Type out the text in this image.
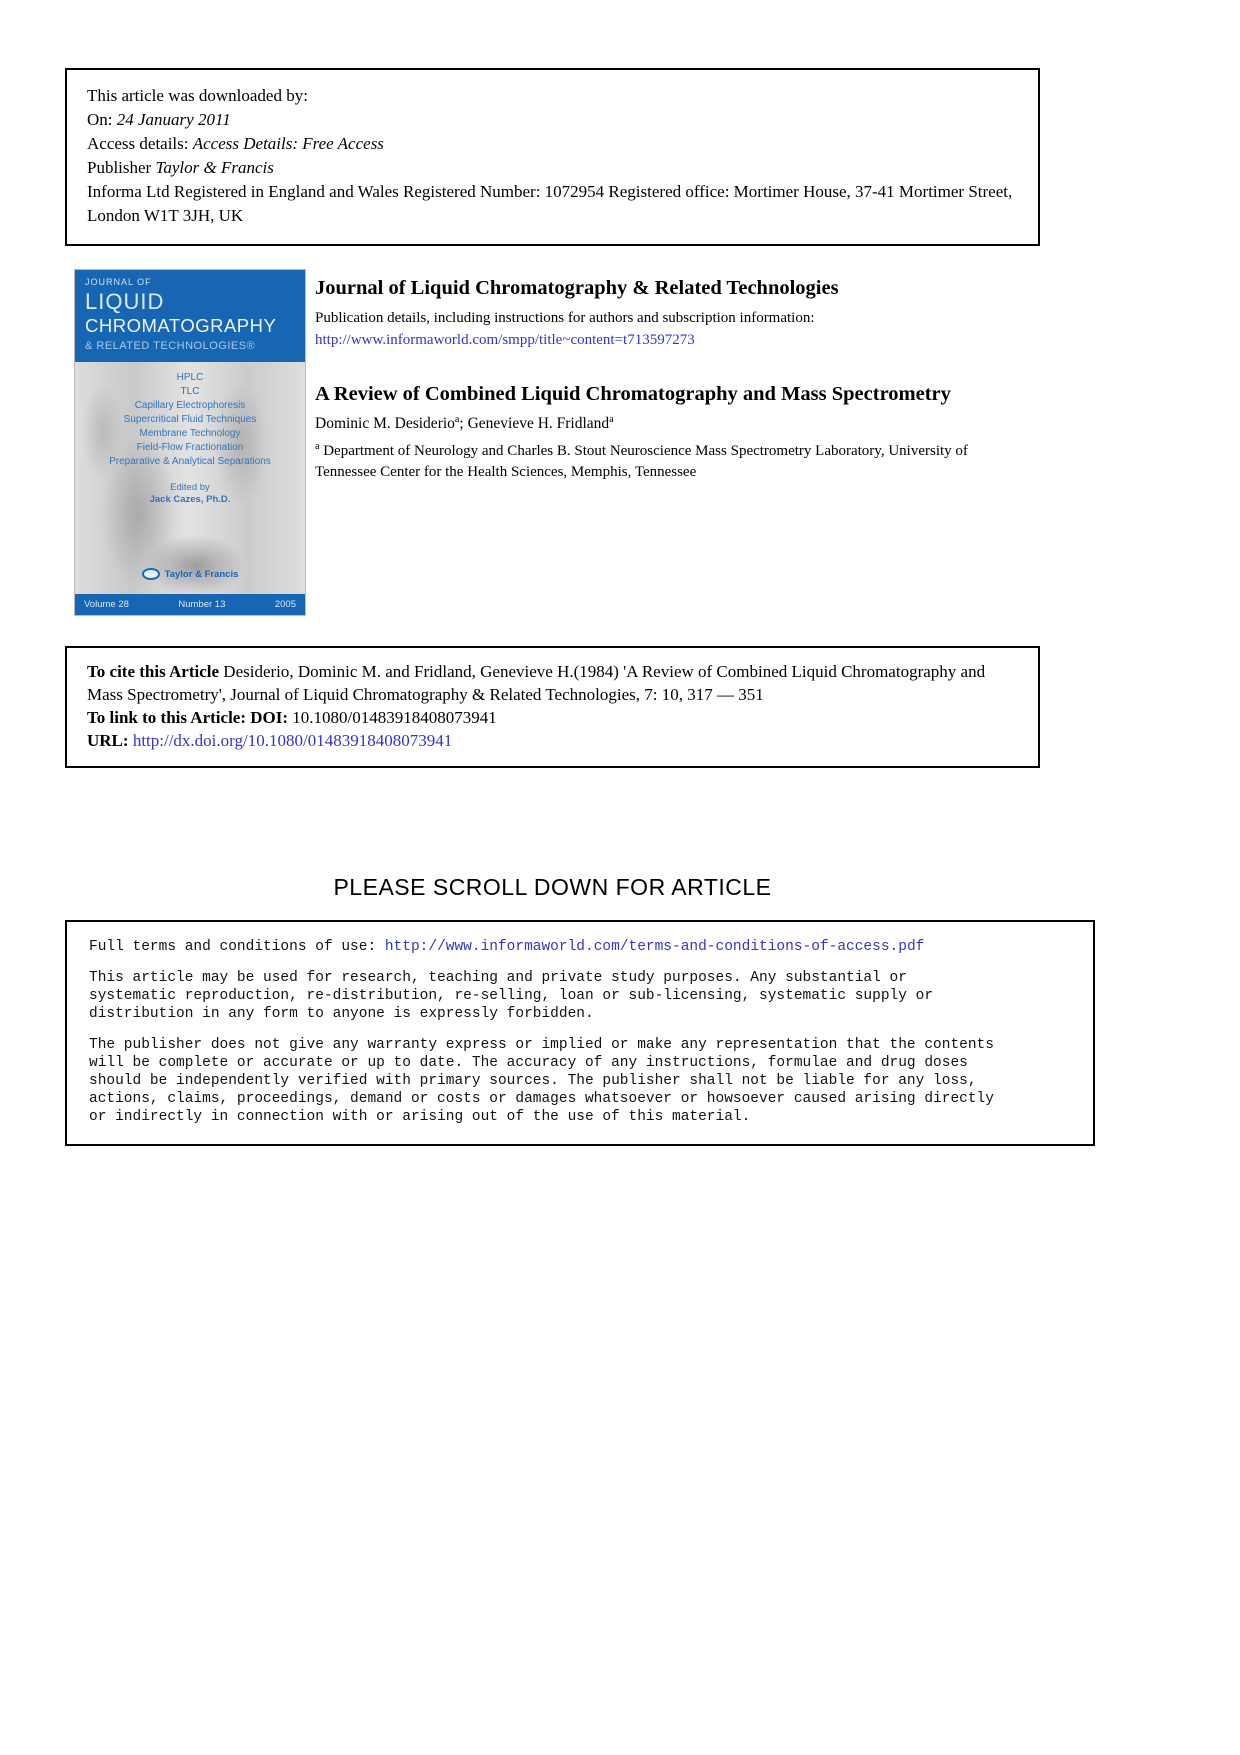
This article was downloaded by:
On: 24 January 2011
Access details: Access Details: Free Access
Publisher Taylor & Francis
Informa Ltd Registered in England and Wales Registered Number: 1072954 Registered office: Mortimer House, 37-41 Mortimer Street, London W1T 3JH, UK
JOURNAL OF
LIQUID
CHROMATOGRAPHY
& RELATED TECHNOLOGIES®
HPLC
TLC
Capillary Electrophoresis
Supercritical Fluid Techniques
Membrane Technology
Field-Flow Fractionation
Preparative & Analytical Separations
Edited by
Jack Cazes, Ph.D.
Taylor & Francis
Volume 28	Number 13	2005
Journal of Liquid Chromatography & Related Technologies
Publication details, including instructions for authors and subscription information:
http://www.informaworld.com/smpp/title~content=t713597273
A Review of Combined Liquid Chromatography and Mass Spectrometry
Dominic M. Desiderio$^a$; Genevieve H. Fridland$^a$
$^a$ Department of Neurology and Charles B. Stout Neuroscience Mass Spectrometry Laboratory, University of Tennessee Center for the Health Sciences, Memphis, Tennessee

To cite this Article Desiderio, Dominic M. and Fridland, Genevieve H.(1984) 'A Review of Combined Liquid Chromatography and Mass Spectrometry', Journal of Liquid Chromatography & Related Technologies, 7: 10, 317 — 351

To link to this Article: DOI: 10.1080/01483918408073941

URL: http://dx.doi.org/10.1080/01483918408073941

PLEASE SCROLL DOWN FOR ARTICLE
Full terms and conditions of use: http://www.informaworld.com/terms-and-conditions-of-access.pdf

This article may be used for research, teaching and private study purposes. Any substantial or
systematic reproduction, re-distribution, re-selling, loan or sub-licensing, systematic supply or
distribution in any form to anyone is expressly forbidden.

The publisher does not give any warranty express or implied or make any representation that the contents
will be complete or accurate or up to date. The accuracy of any instructions, formulae and drug doses
should be independently verified with primary sources. The publisher shall not be liable for any loss,
actions, claims, proceedings, demand or costs or damages whatsoever or howsoever caused arising directly
or indirectly in connection with or arising out of the use of this material.
